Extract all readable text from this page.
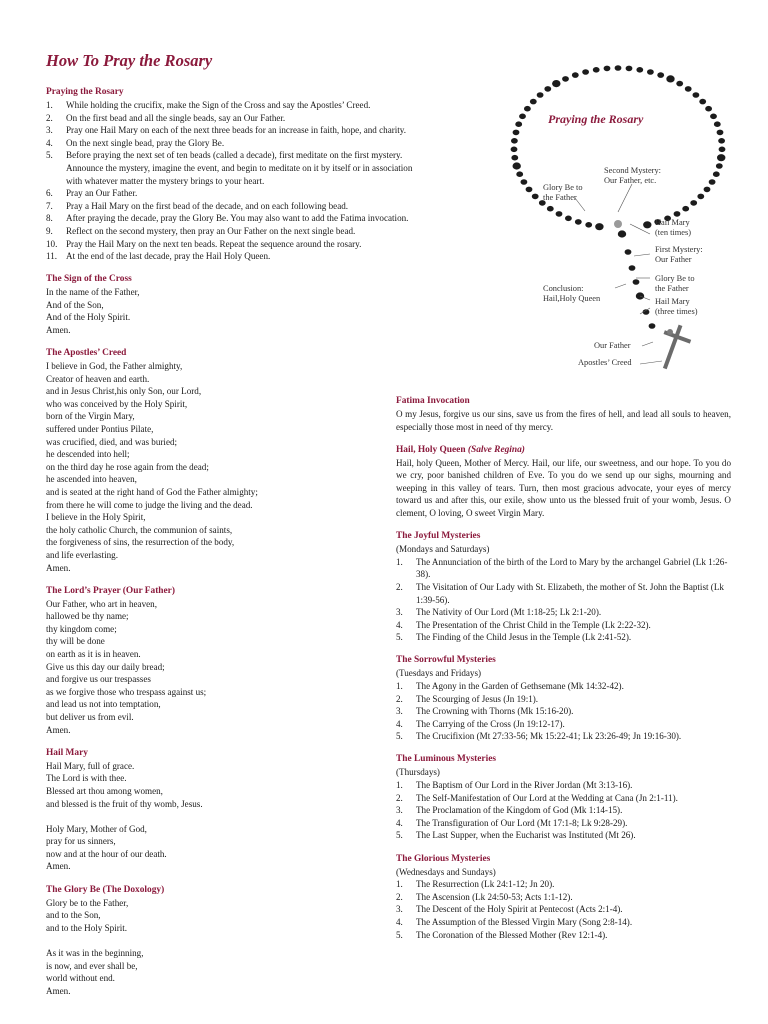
How To Pray the Rosary
Praying the Rosary
1. While holding the crucifix, make the Sign of the Cross and say the Apostles’ Creed.
2. On the first bead and all the single beads, say an Our Father.
3. Pray one Hail Mary on each of the next three beads for an increase in faith, hope, and charity.
4. On the next single bead, pray the Glory Be.
5. Before praying the next set of ten beads (called a decade), first meditate on the first mystery.
Announce the mystery, imagine the event, and begin to meditate on it by itself or in association
with whatever matter the mystery brings to your heart.
6. Pray an Our Father.
7. Pray a Hail Mary on the first bead of the decade, and on each following bead.
8. After praying the decade, pray the Glory Be. You may also want to add the Fatima invocation.
9. Reflect on the second mystery, then pray an Our Father on the next single bead.
10. Pray the Hail Mary on the next ten beads. Repeat the sequence around the rosary.
11. At the end of the last decade, pray the Hail Holy Queen.
The Sign of the Cross
In the name of the Father,
And of the Son,
And of the Holy Spirit.
Amen.
The Apostles’ Creed
I believe in God, the Father almighty,
Creator of heaven and earth.
and in Jesus Christ,his only Son, our Lord,
who was conceived by the Holy Spirit,
born of the Virgin Mary,
suffered under Pontius Pilate,
was crucified, died, and was buried;
he descended into hell;
on the third day he rose again from the dead;
he ascended into heaven,
and is seated at the right hand of God the Father almighty;
from there he will come to judge the living and the dead.
I believe in the Holy Spirit,
the holy catholic Church, the communion of saints,
the forgiveness of sins, the resurrection of the body,
and life everlasting.
Amen.
The Lord’s Prayer (Our Father)
Our Father, who art in heaven,
hallowed be thy name;
thy kingdom come;
thy will be done
on earth as it is in heaven.
Give us this day our daily bread;
and forgive us our trespasses
as we forgive those who trespass against us;
and lead us not into temptation,
but deliver us from evil.
Amen.
Hail Mary
Hail Mary, full of grace.
The Lord is with thee.
Blessed art thou among women,
and blessed is the fruit of thy womb, Jesus.
Holy Mary, Mother of God,
pray for us sinners,
now and at the hour of our death.
Amen.
The Glory Be (The Doxology)
Glory be to the Father,
and to the Son,
and to the Holy Spirit.
As it was in the beginning,
is now, and ever shall be,
world without end.
Amen.
Praying the Rosary
Second Mystery:
Our Father, etc.
Glory Be to
the Father
Hail Mary
(ten times)
First Mystery:
Our Father
Glory Be to
the Father
Conclusion:
Hail,Holy Queen	Hail Mary
(three times)
Our Father
Apostles’ Creed
Fatima Invocation

O my Jesus, forgive us our sins, save us from the fires of hell, and lead all souls to heaven, especially those most in need of thy mercy.

Hail, Holy Queen (Salve Regina)

Hail, holy Queen, Mother of Mercy. Hail, our life, our sweetness, and our hope. To you do we cry, poor banished children of Eve. To you do we send up our sighs, mourning and weeping in this valley of tears. Turn, then most gracious advocate, your eyes of mercy toward us and after this, our exile, show unto us the blessed fruit of your womb, Jesus. O clement, O loving, O sweet Virgin Mary.

The Joyful Mysteries
(Mondays and Saturdays)
1. The Annunciation of the birth of the Lord to Mary by the archangel Gabriel (Lk 1:26-38).
2. The Visitation of Our Lady with St. Elizabeth, the mother of St. John the Baptist (Lk 1:39-56).
3. The Nativity of Our Lord (Mt 1:18-25; Lk 2:1-20).
4. The Presentation of the Christ Child in the Temple (Lk 2:22-32).
5. The Finding of the Child Jesus in the Temple (Lk 2:41-52).
The Sorrowful Mysteries
(Tuesdays and Fridays)
1. The Agony in the Garden of Gethsemane (Mk 14:32-42).
2. The Scourging of Jesus (Jn 19:1).
3. The Crowning with Thorns (Mk 15:16-20).
4. The Carrying of the Cross (Jn 19:12-17).
5. The Crucifixion (Mt 27:33-56; Mk 15:22-41; Lk 23:26-49; Jn 19:16-30).
The Luminous Mysteries
(Thursdays)
1. The Baptism of Our Lord in the River Jordan (Mt 3:13-16).
2. The Self-Manifestation of Our Lord at the Wedding at Cana (Jn 2:1-11).
3. The Proclamation of the Kingdom of God (Mk 1:14-15).
4. The Transfiguration of Our Lord (Mt 17:1-8; Lk 9:28-29).
5. The Last Supper, when the Eucharist was Instituted (Mt 26).
The Glorious Mysteries
(Wednesdays and Sundays)
1. The Resurrection (Lk 24:1-12; Jn 20).
2. The Ascension (Lk 24:50-53; Acts 1:1-12).
3. The Descent of the Holy Spirit at Pentecost (Acts 2:1-4).
4. The Assumption of the Blessed Virgin Mary (Song 2:8-14).
5. The Coronation of the Blessed Mother (Rev 12:1-4).
